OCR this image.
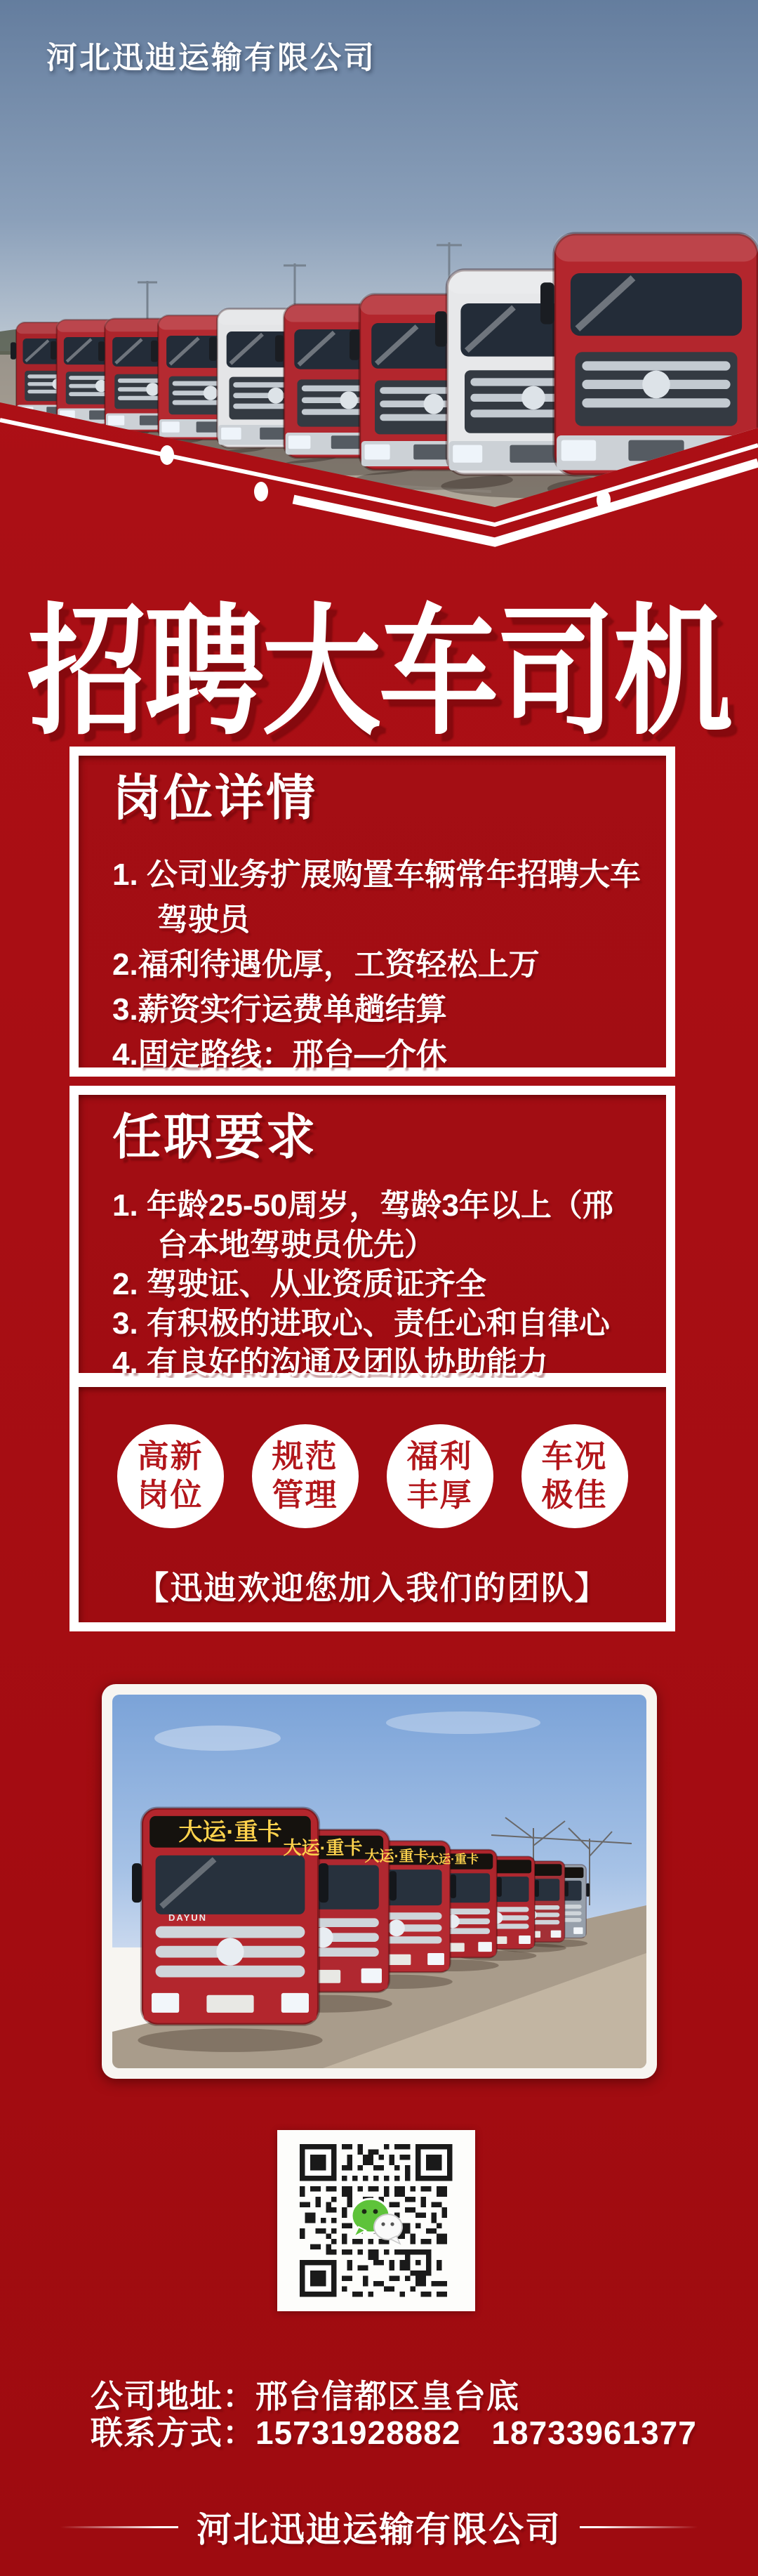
河北迅迪运输有限公司
招聘大车司机
岗位详情
1. 公司业务扩展购置车辆常年招聘大车驾驶员
2.福利待遇优厚，工资轻松上万
3.薪资实行运费单趟结算
4.固定路线：邢台—介休
任职要求
1. 年龄25-50周岁，驾龄3年以上（邢台本地驾驶员优先）
2. 驾驶证、从业资质证齐全
3. 有积极的进取心、责任心和自律心
4. 有良好的沟通及团队协助能力
高新
岗位
规范
管理
福利
丰厚
车况
极佳
【迅迪欢迎您加入我们的团队】
大运·重卡
大运·重卡 大运·重卡
大运·重卡
DAYUN
公司地址：邢台信都区皇台底
联系方式：15731928882 18733961377
河北迅迪运输有限公司
